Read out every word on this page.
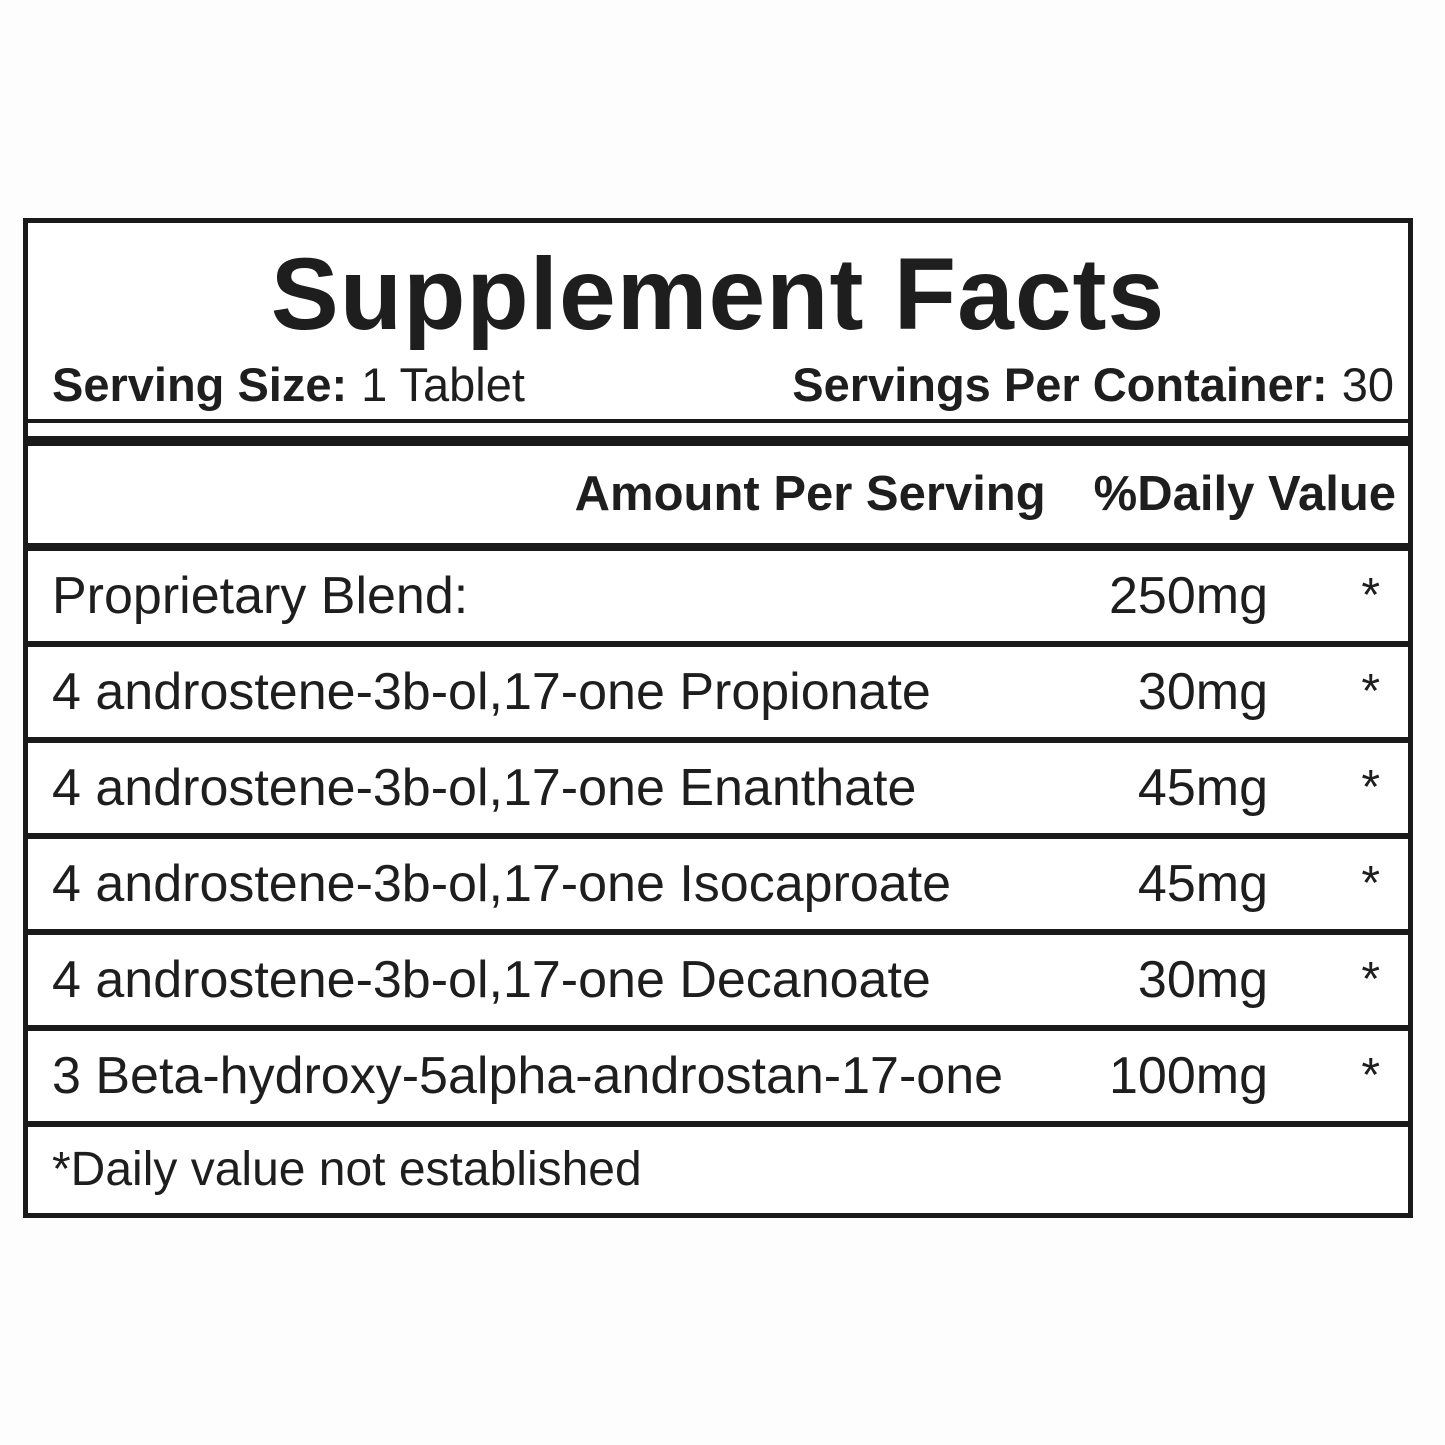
Supplement Facts
Serving Size: 1 Tablet	Servings Per Container: 30
Amount Per Serving %Daily Value
Proprietary Blend:	250mg	*
4 androstene-3b-ol,17-one Propionate	30mg	*
4 androstene-3b-ol,17-one Enanthate	45mg	*
4 androstene-3b-ol,17-one Isocaproate	45mg	*
4 androstene-3b-ol,17-one Decanoate	30mg	*
3 Beta-hydroxy-5alpha-androstan-17-one	100mg	*
*Daily value not established
